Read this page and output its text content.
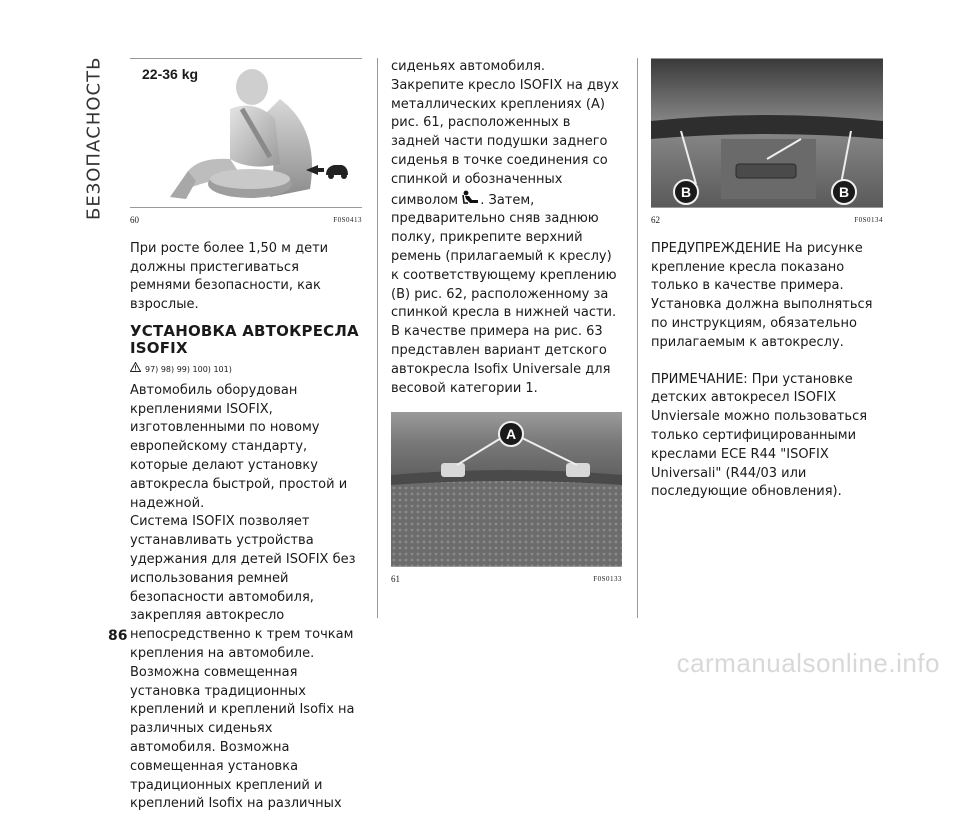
БЕЗОПАСНОСТЬ
86
carmanualsonline.info
22-36 kg
60	F0S0413

При росте более 1,50 м дети должны пристегиваться ремнями безопасности, как взрослые.

УСТАНОВКА АВТОКРЕСЛА ISOFIX
97) 98) 99) 100) 101)

Автомобиль оборудован креплениями ISOFIX, изготовленными по новому европейскому стандарту, которые делают установку автокресла быстрой, простой и надежной.

Система ISOFIX позволяет устанавливать устройства удержания для детей ISOFIX без использования ремней безопасности автомобиля, закрепляя автокресло непосредственно к трем точкам крепления на автомобиле. Возможна совмещенная установка традиционных креплений и креплений Isofix на различных сиденьях автомобиля. Возможна совмещенная установка традиционных креплений и креплений Isofix на различных

сиденьях автомобиля. Закрепите кресло ISOFIX на двух металлических креплениях (A) рис. 61, расположенных в задней части подушки заднего сиденья в точке соединения со спинкой и обозначенных символом . Затем, предварительно сняв заднюю полку, прикрепите верхний ремень (прилагаемый к креслу) к соответствующему креплению (B) рис. 62, расположенному за спинкой кресла в нижней части.

В качестве примера на рис. 63 представлен вариант детского автокресла Isofix Universale для весовой категории 1.

A
61	F0S0133
B	B
62	F0S0134

ПРЕДУПРЕЖДЕНИЕ На рисунке крепление кресла показано только в качестве примера. Установка должна выполняться по инструкциям, обязательно прилагаемым к автокреслу.

ПРИМЕЧАНИЕ: При установке детских автокресел ISOFIX Unviersale можно пользоваться только сертифицированными креслами ECE R44 "ISOFIX Universali" (R44/03 или последующие обновления).
